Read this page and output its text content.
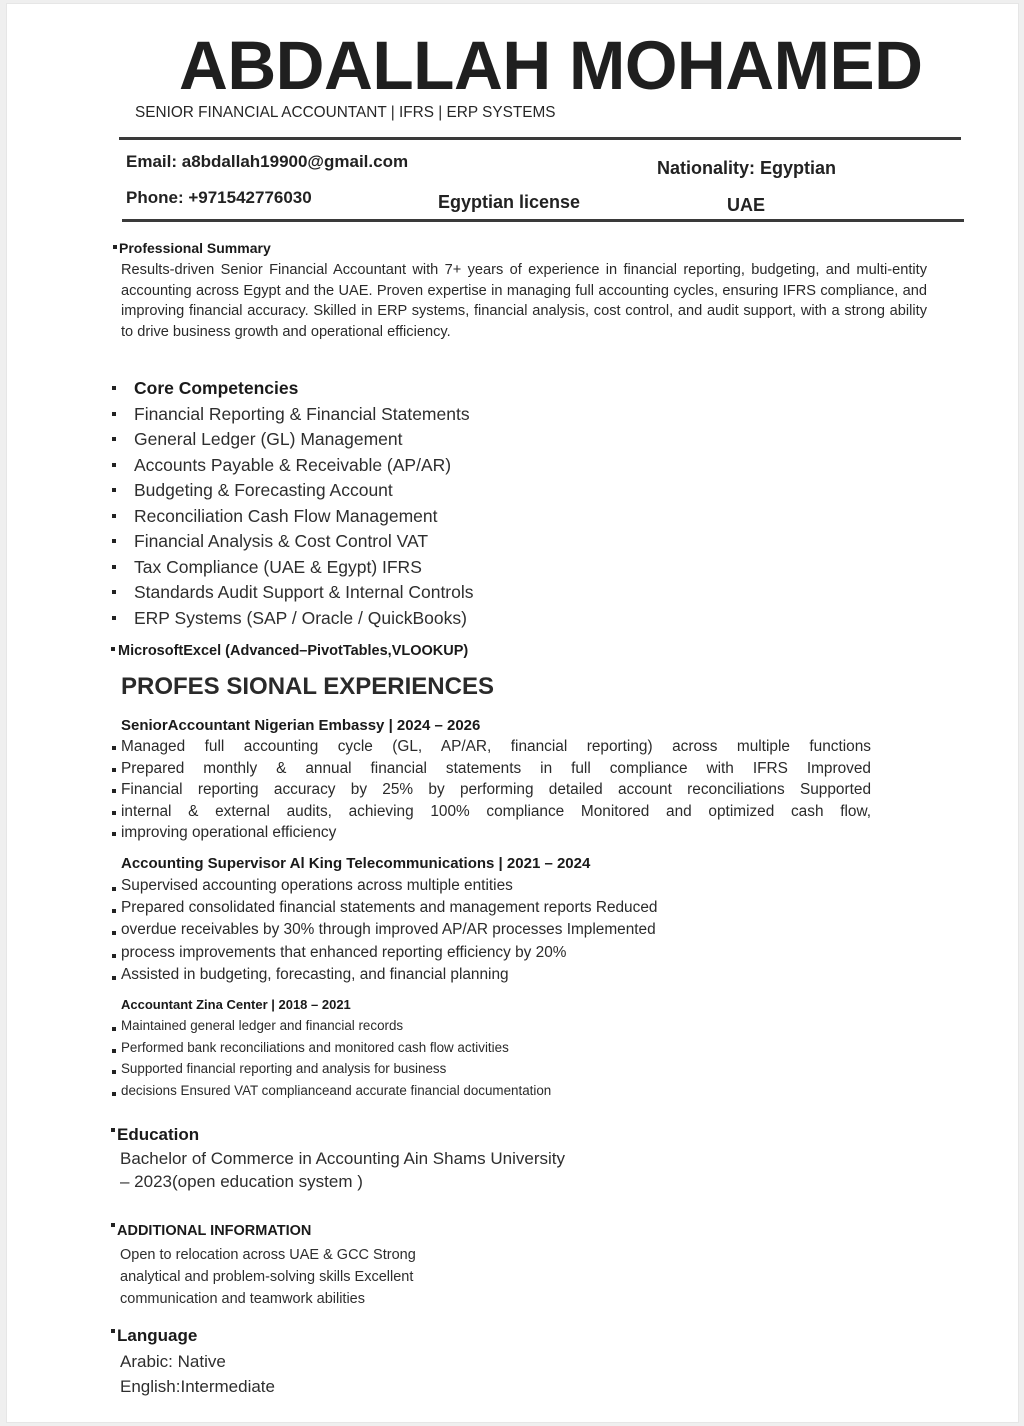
ABDALLAH MOHAMED
SENIOR FINANCIAL ACCOUNTANT | IFRS | ERP SYSTEMS
Email: a8bdallah19900@gmail.com
Phone: +971542776030	Egyptian license
Nationality: Egyptian
UAE
Professional Summary
Results-driven Senior Financial Accountant with 7+ years of experience in financial reporting, budgeting, and multi-entity accounting across Egypt and the UAE. Proven expertise in managing full accounting cycles, ensuring IFRS compliance, and improving financial accuracy. Skilled in ERP systems, financial analysis, cost control, and audit support, with a strong ability to drive business growth and operational efficiency.
Core Competencies
Financial Reporting & Financial Statements
General Ledger (GL) Management
Accounts Payable & Receivable (AP/AR)
Budgeting & Forecasting Account
Reconciliation Cash Flow Management
Financial Analysis & Cost Control VAT
Tax Compliance (UAE & Egypt) IFRS
Standards Audit Support & Internal Controls
ERP Systems (SAP / Oracle / QuickBooks)
MicrosoftExcel (Advanced–PivotTables,VLOOKUP)
PROFES SIONAL EXPERIENCES
SeniorAccountant Nigerian Embassy | 2024 – 2026
Managed full accounting cycle (GL, AP/AR, financial reporting) across multiple functions
Prepared monthly & annual financial statements in full compliance with IFRS Improved
Financial reporting accuracy by 25% by performing detailed account reconciliations Supported
internal & external audits, achieving 100% compliance Monitored and optimized cash flow,
improving operational efficiency
Accounting Supervisor Al King Telecommunications | 2021 – 2024
Supervised accounting operations across multiple entities
Prepared consolidated financial statements and management reports Reduced
overdue receivables by 30% through improved AP/AR processes Implemented
process improvements that enhanced reporting efficiency by 20%
Assisted in budgeting, forecasting, and financial planning
Accountant Zina Center | 2018 – 2021
Maintained general ledger and financial records
Performed bank reconciliations and monitored cash flow activities
Supported financial reporting and analysis for business
decisions Ensured VAT complianceand accurate financial documentation
Education
Bachelor of Commerce in Accounting Ain Shams University
– 2023(open education system )
ADDITIONAL INFORMATION
Open to relocation across UAE & GCC Strong
analytical and problem-solving skills Excellent
communication and teamwork abilities
Language
Arabic: Native
English:Intermediate
